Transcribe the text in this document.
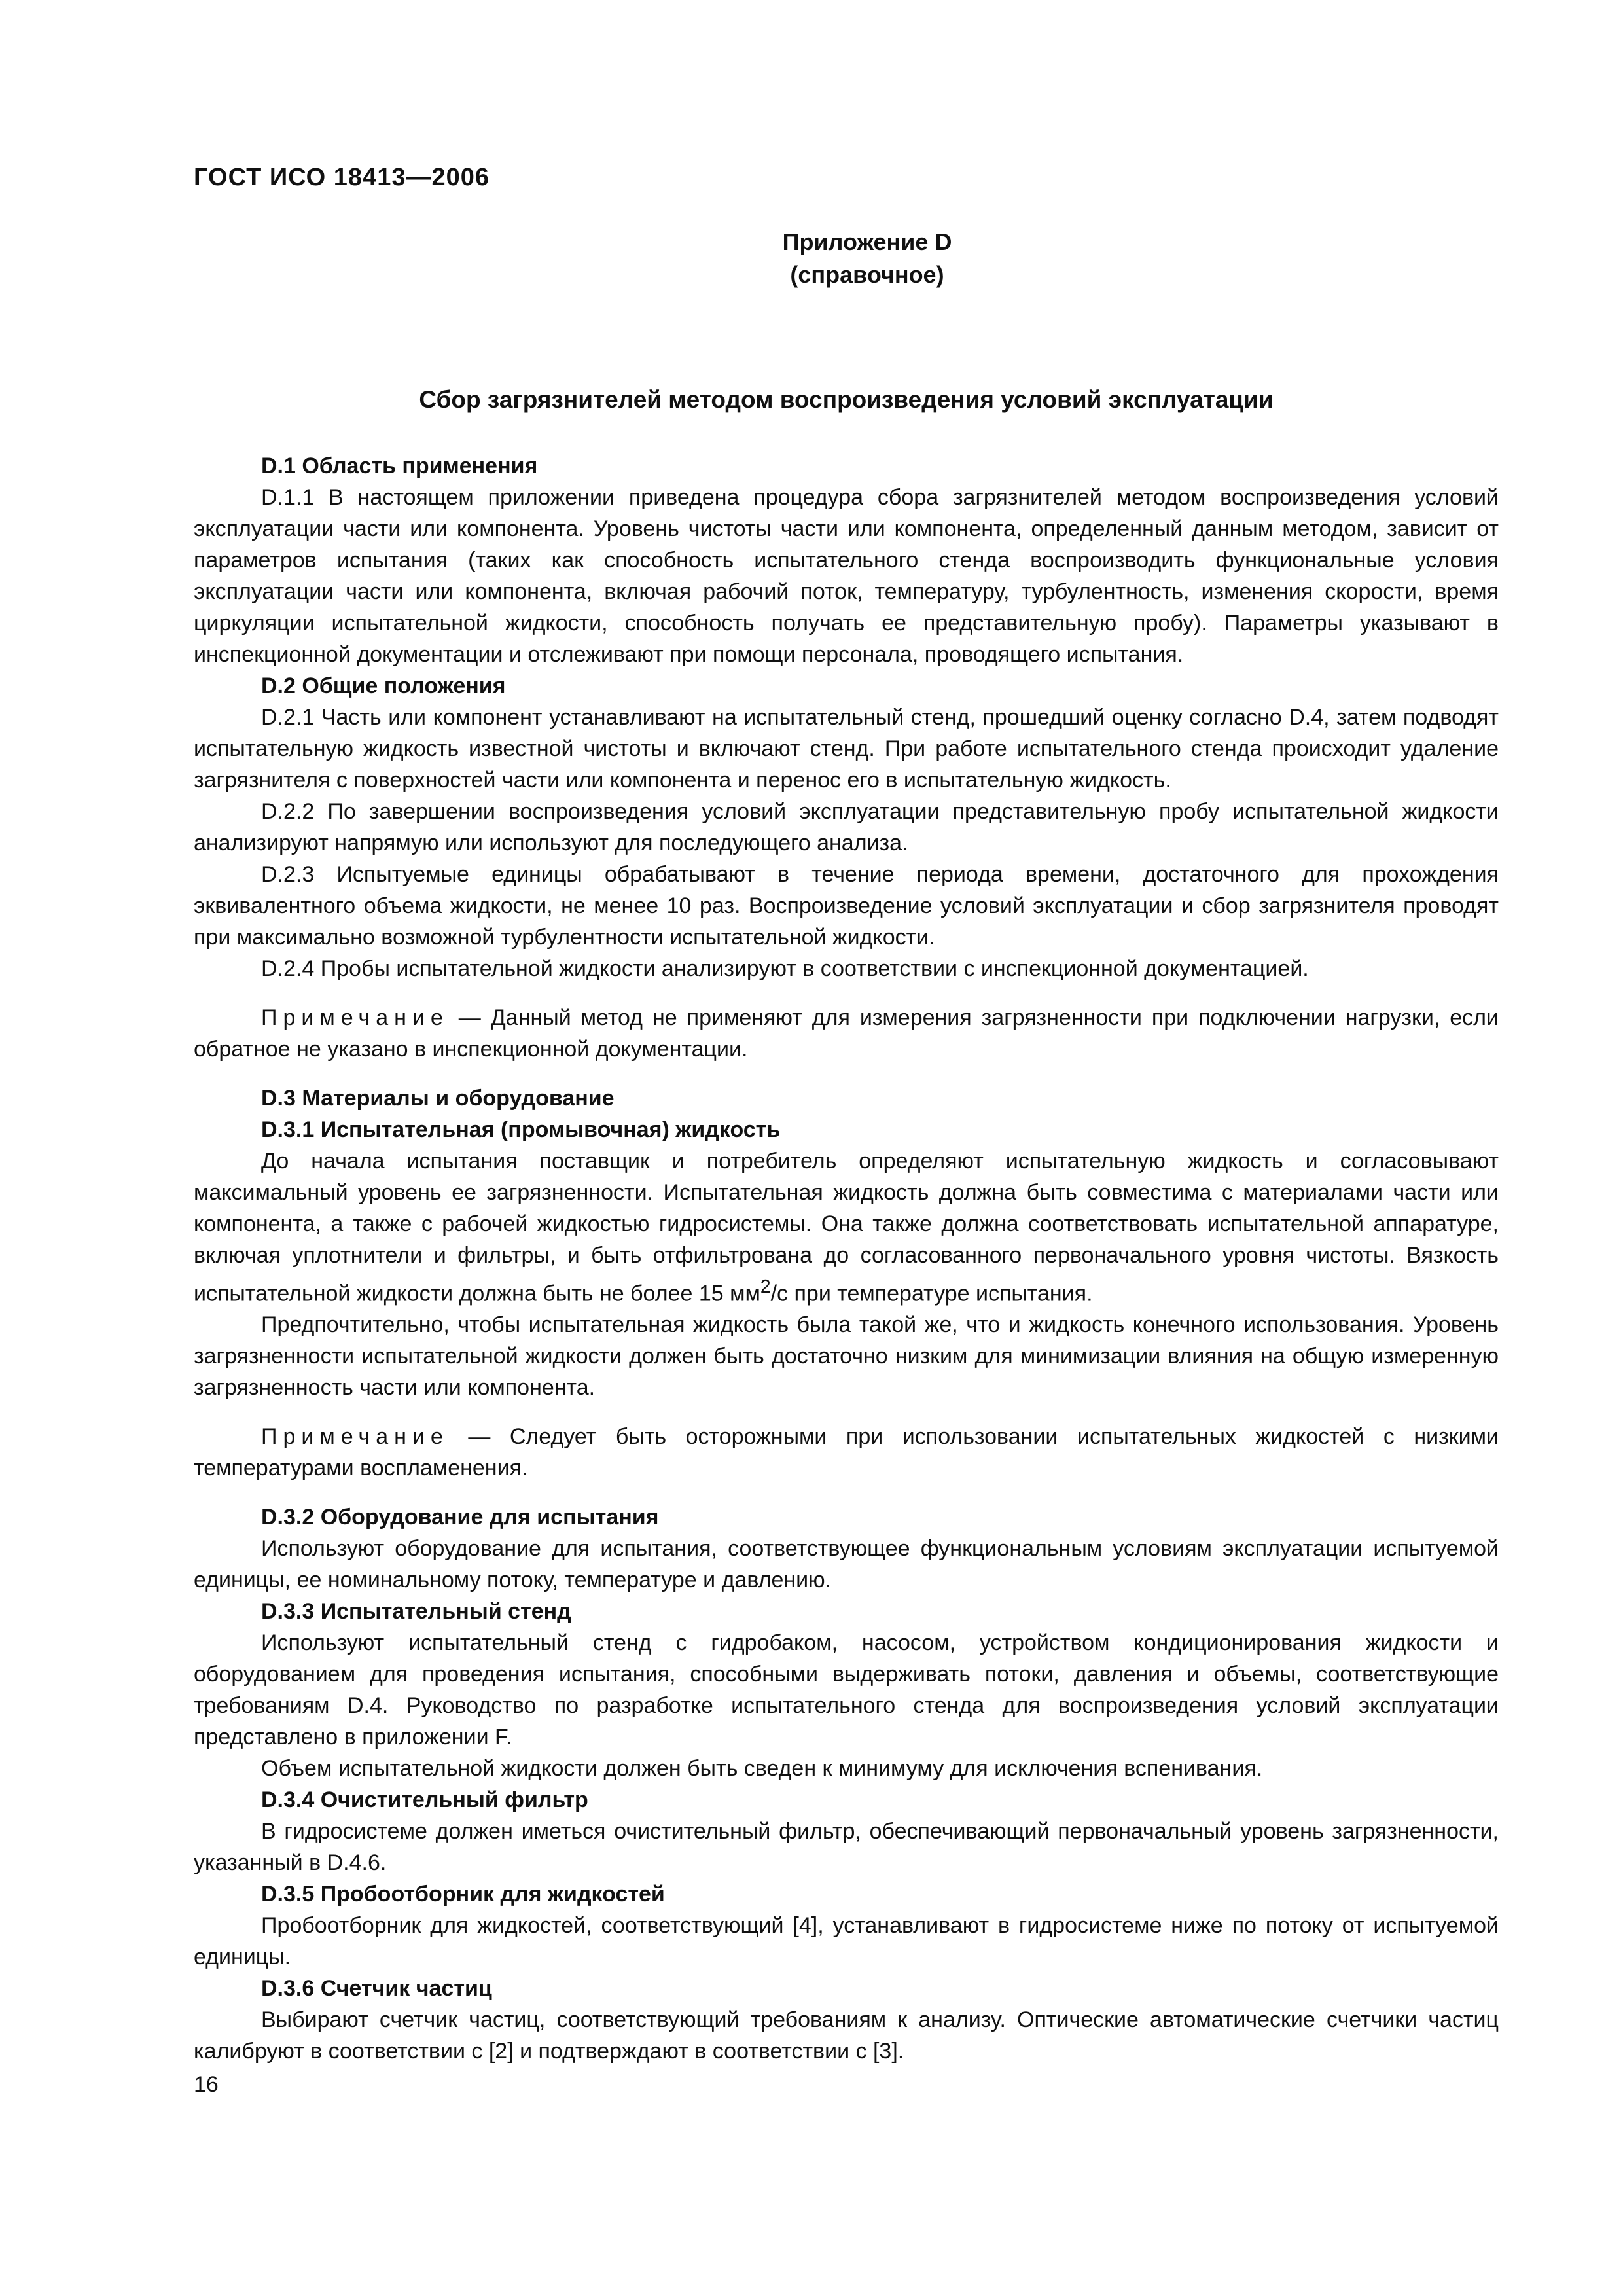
ГОСТ ИСО 18413—2006
Приложение D
(справочное)
Сбор загрязнителей методом воспроизведения условий эксплуатации
D.1 Область применения

D.1.1 В настоящем приложении приведена процедура сбора загрязнителей методом воспроизведения условий эксплуатации части или компонента. Уровень чистоты части или компонента, определенный данным методом, зависит от параметров испытания (таких как способность испытательного стенда воспроизводить функциональные условия эксплуатации части или компонента, включая рабочий поток, температуру, турбулентность, изменения скорости, время циркуляции испытательной жидкости, способность получать ее представительную пробу). Параметры указывают в инспекционной документации и отслеживают при помощи персонала, проводящего испытания.

D.2 Общие положения

D.2.1 Часть или компонент устанавливают на испытательный стенд, прошедший оценку согласно D.4, затем подводят испытательную жидкость известной чистоты и включают стенд. При работе испытательного стенда происходит удаление загрязнителя с поверхностей части или компонента и перенос его в испытательную жидкость.

D.2.2 По завершении воспроизведения условий эксплуатации представительную пробу испытательной жидкости анализируют напрямую или используют для последующего анализа.

D.2.3 Испытуемые единицы обрабатывают в течение периода времени, достаточного для прохождения эквивалентного объема жидкости, не менее 10 раз. Воспроизведение условий эксплуатации и сбор загрязнителя проводят при максимально возможной турбулентности испытательной жидкости.

D.2.4 Пробы испытательной жидкости анализируют в соответствии с инспекционной документацией.

Примечание — Данный метод не применяют для измерения загрязненности при подключении нагрузки, если обратное не указано в инспекционной документации.

D.3 Материалы и оборудование
D.3.1 Испытательная (промывочная) жидкость

До начала испытания поставщик и потребитель определяют испытательную жидкость и согласовывают максимальный уровень ее загрязненности. Испытательная жидкость должна быть совместима с материалами части или компонента, а также с рабочей жидкостью гидросистемы. Она также должна соответствовать испытательной аппаратуре, включая уплотнители и фильтры, и быть отфильтрована до согласованного первоначального уровня чистоты. Вязкость испытательной жидкости должна быть не более 15 $мм^2/с$ при температуре испытания.

Предпочтительно, чтобы испытательная жидкость была такой же, что и жидкость конечного использования. Уровень загрязненности испытательной жидкости должен быть достаточно низким для минимизации влияния на общую измеренную загрязненность части или компонента.

Примечание — Следует быть осторожными при использовании испытательных жидкостей с низкими температурами воспламенения.

D.3.2 Оборудование для испытания

Используют оборудование для испытания, соответствующее функциональным условиям эксплуатации испытуемой единицы, ее номинальному потоку, температуре и давлению.

D.3.3 Испытательный стенд

Используют испытательный стенд с гидробаком, насосом, устройством кондиционирования жидкости и оборудованием для проведения испытания, способными выдерживать потоки, давления и объемы, соответствующие требованиям D.4. Руководство по разработке испытательного стенда для воспроизведения условий эксплуатации представлено в приложении F.

Объем испытательной жидкости должен быть сведен к минимуму для исключения вспенивания.

D.3.4 Очистительный фильтр

В гидросистеме должен иметься очистительный фильтр, обеспечивающий первоначальный уровень загрязненности, указанный в D.4.6.

D.3.5 Пробоотборник для жидкостей

Пробоотборник для жидкостей, соответствующий [4], устанавливают в гидросистеме ниже по потоку от испытуемой единицы.

D.3.6 Счетчик частиц

Выбирают счетчик частиц, соответствующий требованиям к анализу. Оптические автоматические счетчики частиц калибруют в соответствии с [2] и подтверждают в соответствии с [3].

16
